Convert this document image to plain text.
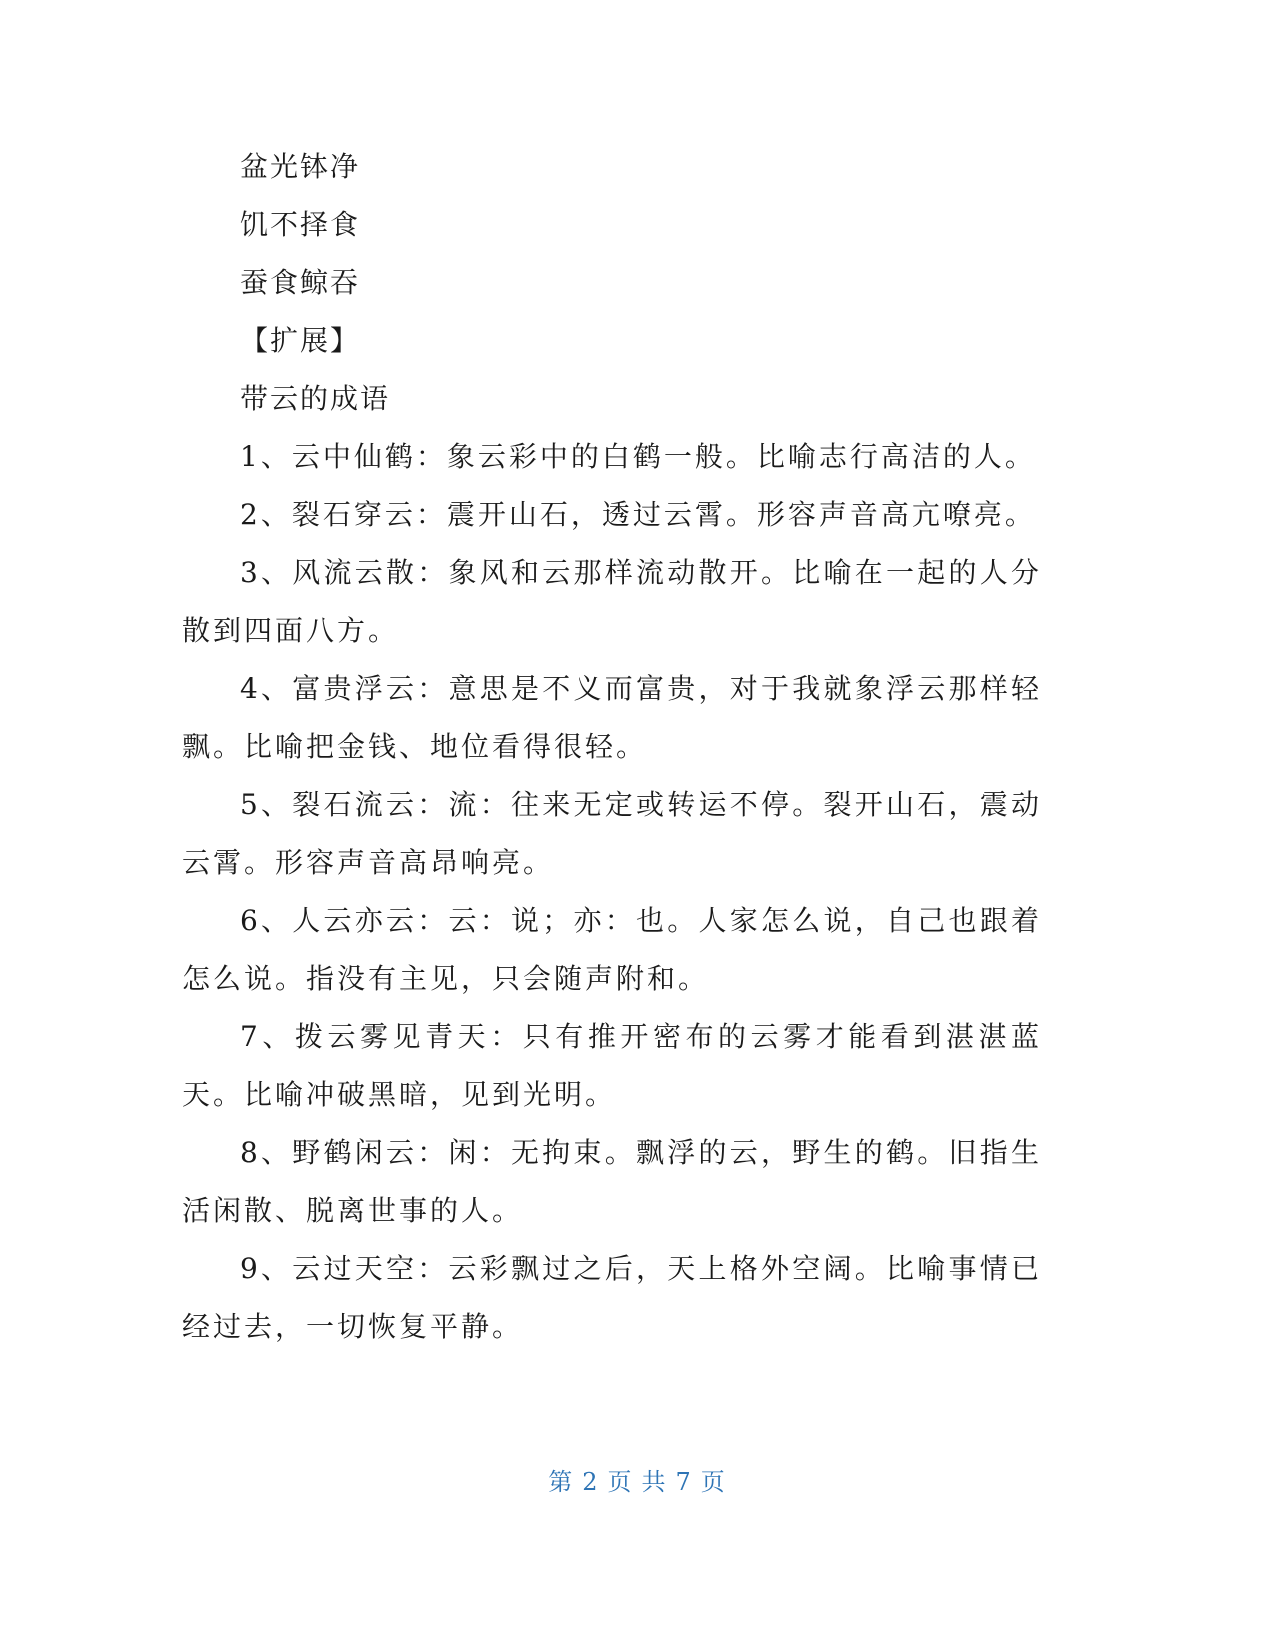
盆光钵净
饥不择食
蚕食鲸吞
【扩展】
带云的成语
1、云中仙鹤：象云彩中的白鹤一般。比喻志行高洁的人。
2、裂石穿云：震开山石，透过云霄。形容声音高亢嘹亮。
3、风流云散：象风和云那样流动散开。比喻在一起的人分散到四面八方。
4、富贵浮云：意思是不义而富贵，对于我就象浮云那样轻飘。比喻把金钱、地位看得很轻。
5、裂石流云：流：往来无定或转运不停。裂开山石，震动云霄。形容声音高昂响亮。
6、人云亦云：云：说；亦：也。人家怎么说，自己也跟着怎么说。指没有主见，只会随声附和。
7、拨云雾见青天：只有推开密布的云雾才能看到湛湛蓝天。比喻冲破黑暗，见到光明。
8、野鹤闲云：闲：无拘束。飘浮的云，野生的鹤。旧指生活闲散、脱离世事的人。
9、云过天空：云彩飘过之后，天上格外空阔。比喻事情已经过去，一切恢复平静。
第 2 页 共 7 页
